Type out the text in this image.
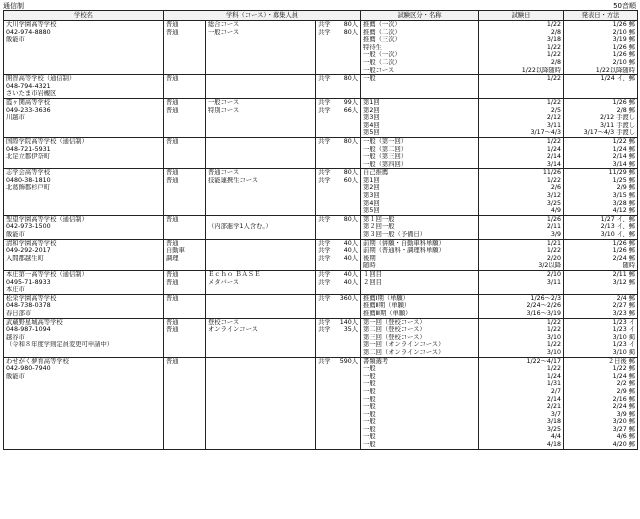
通信制	50音順
学校名	学科（コース）・募集人員			試験区分・名称	試験日	発表日・方法
大川学園高等学校	普通	総合コース	共学 80人	推薦（一次）	1/22	1/26 郵
042-974-8880	普通	一般コース	共学 80人	推薦（二次）	2/8	2/10 郵
飯能市				推薦（三次）	3/18	3/19 郵

	特待生	1/22	1/26 郵

	一般（一次）	1/22	1/26 郵

	一般（二次）	2/8	2/10 郵

	一般コース	1/22以降随時	1/22以降随時
開智高等学校（通信制）	普通		共学 80人	一般	1/22	1/24 イ、郵
048-794-4321			

さいたま市岩槻区			

霞ヶ関高等学校	普通	一般コース	共学 99人	第1回	1/22	1/26 郵
049-233-3636	普通	特別コース	共学 66人	第2回	2/5	2/8 郵
川越市				第3回	2/12	2/12 手渡し

	第4回	3/11	3/11 手渡し

	第5回	3/17～4/3	3/17～4/3 手渡し
国際学院高等学校（通信制）	普通		共学 80人	一般（第一回）	1/22	1/22 郵
048-721-5931				一般（第二回）	1/24	1/24 郵
北足立郡伊奈町				一般（第三回）	2/14	2/14 郵

	一般（第四回）	3/14	3/14 郵
志学会高等学校	普通	普通コース	共学 80人	自己推薦	11/26	11/29 郵
0480-38-1810	普通	技能連携生コース	共学 60人	第1回	1/22	1/25 郵
北葛飾郡杉戸町				第2回	2/6	2/9 郵

	第3回	3/12	3/15 郵

	第4回	3/25	3/28 郵

	第5回	4/9	4/12 郵
聖望学園高等学校（通信制）	普通		共学 80人	第１回一般	1/26	1/27 イ、郵
042-973-1500		（内部進学1人含む。）		第２回一般	2/11	2/13 イ、郵
飯能市				第３回一般（予備日）	3/9	3/10 イ、郵
清和学園高等学校	普通		共学 40人	前期（併願・自動車科単願）	1/21	1/26 郵
049-292-2017	自動車		共学 40人	前期（普通科・調理科単願）	1/22	1/26 郵
入間郡越生町	調理		共学 40人	後期	2/20	2/24 郵

	随時	3/2以降	随時
本庄第一高等学校（通信制）	普通	Ｅｃｈｏ ＢＡＳＥ	共学 40人	１回目	2/10	2/11 郵
0495-71-8933	普通	メタバース	共学 40人	２回目	3/11	3/12 郵
本庄市			

松栄学園高等学校	普通		共学 360人	推薦Ⅰ期（単願）	1/26～2/3	2/4 郵
048-738-0378				推薦Ⅱ期（単願）	2/24～2/26	2/27 郵
春日部市				推薦Ⅲ期（単願）	3/16～3/19	3/23 郵
武蔵野星城高等学校	普通	登校コース	共学 140人	第一回（登校コース）	1/22	1/23 イ
048-987-1094	普通	オンラインコース	共学 35人	第二回（登校コース）	1/22	1/23 イ
越谷市				第三回（登校コース）	3/10	3/10 掲
（令和８年度学則定員変更可申請中）				第一回（オンラインコース）	1/22	1/23 イ

	第二回（オンラインコース）	3/10	3/10 掲
わせがく夢育高等学校	普通		共学 590人	書類選考	1/22～4/17	２日後 郵
042-980-7940				一般	1/22	1/22 郵
飯能市				一般	1/24	1/24 郵

	一般	1/31	2/2 郵

	一般	2/7	2/9 郵

	一般	2/14	2/16 郵

	一般	2/21	2/24 郵

	一般	3/7	3/9 郵

	一般	3/18	3/20 郵

	一般	3/25	3/27 郵

	一般	4/4	4/6 郵

	一般	4/18	4/20 郵
